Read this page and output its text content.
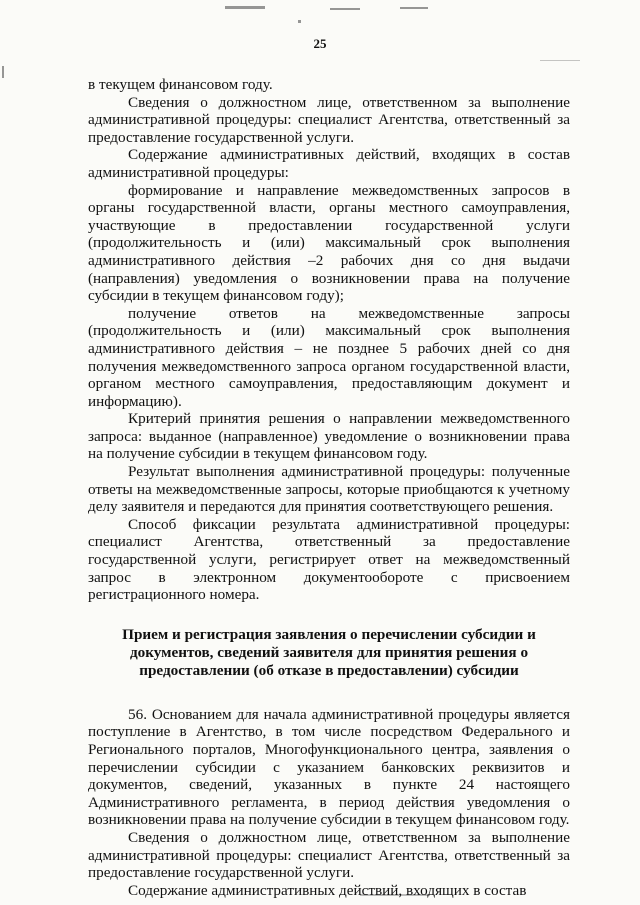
25

в текущем финансовом году.

Сведения о должностном лице, ответственном за выполнение административной процедуры: специалист Агентства, ответственный за предоставление государственной услуги.

Содержание административных действий, входящих в состав административной процедуры:

формирование и направление межведомственных запросов в органы государственной власти, органы местного самоуправления, участвующие в предоставлении государственной услуги (продолжительность и (или) максимальный срок выполнения административного действия –2 рабочих дня со дня выдачи (направления) уведомления о возникновении права на получение субсидии в текущем финансовом году);

получение ответов на межведомственные запросы (продолжительность и (или) максимальный срок выполнения административного действия – не позднее 5 рабочих дней со дня получения межведомственного запроса органом государственной власти, органом местного самоуправления, предоставляющим документ и информацию).

Критерий принятия решения о направлении межведомственного запроса: выданное (направленное) уведомление о возникновении права на получение субсидии в текущем финансовом году.

Результат выполнения административной процедуры: полученные ответы на межведомственные запросы, которые приобщаются к учетному делу заявителя и передаются для принятия соответствующего решения.

Способ фиксации результата административной процедуры: специалист Агентства, ответственный за предоставление государственной услуги, регистрирует ответ на межведомственный запрос в электронном документообороте с присвоением регистрационного номера.

Прием и регистрация заявления о перечислении субсидии и документов, сведений заявителя для принятия решения о предоставлении (об отказе в предоставлении) субсидии

56. Основанием для начала административной процедуры является поступление в Агентство, в том числе посредством Федерального и Регионального порталов, Многофункционального центра, заявления о перечислении субсидии с указанием банковских реквизитов и документов, сведений, указанных в пункте 24 настоящего Административного регламента, в период действия уведомления о возникновении права на получение субсидии в текущем финансовом году.

Сведения о должностном лице, ответственном за выполнение административной процедуры: специалист Агентства, ответственный за предоставление государственной услуги.

Содержание административных действий, входящих в состав
